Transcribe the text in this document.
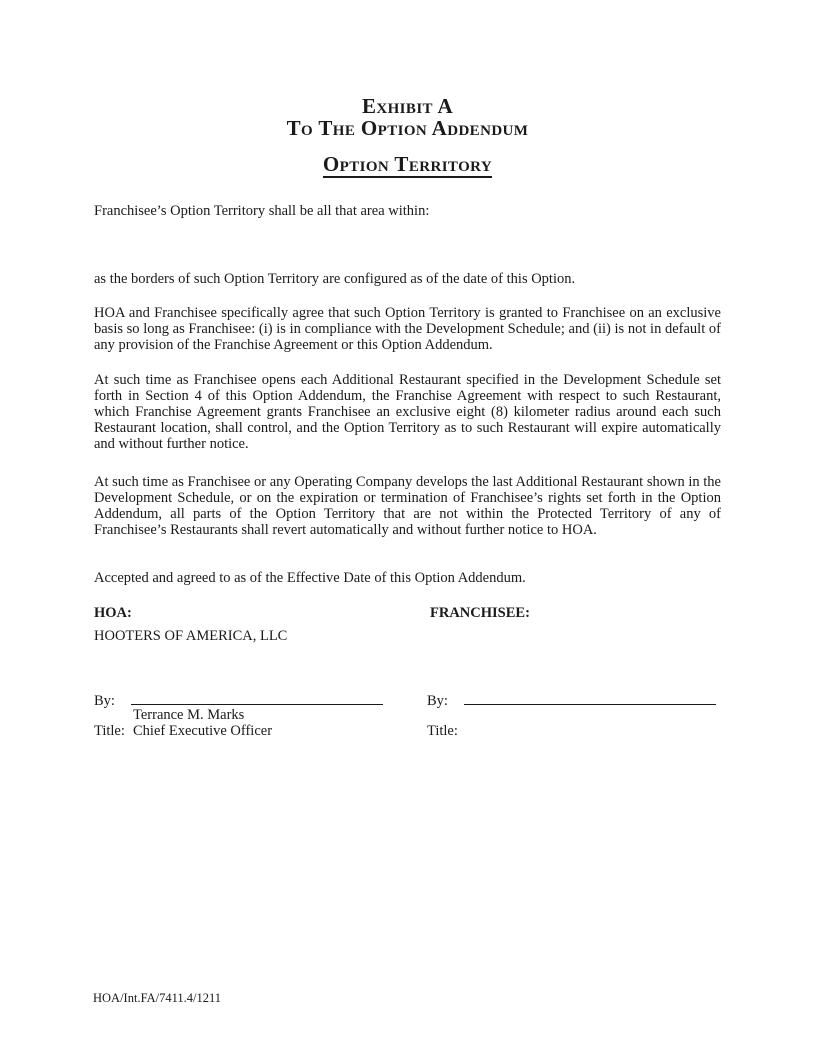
Exhibit A
To The Option Addendum
Option Territory

Franchisee’s Option Territory shall be all that area within:

as the borders of such Option Territory are configured as of the date of this Option.

HOA and Franchisee specifically agree that such Option Territory is granted to Franchisee on an exclusive basis so long as Franchisee: (i) is in compliance with the Development Schedule; and (ii) is not in default of any provision of the Franchise Agreement or this Option Addendum.

At such time as Franchisee opens each Additional Restaurant specified in the Development Schedule set forth in Section 4 of this Option Addendum, the Franchise Agreement with respect to such Restaurant, which Franchise Agreement grants Franchisee an exclusive eight (8) kilometer radius around each such Restaurant location, shall control, and the Option Territory as to such Restaurant will expire automatically and without further notice.

At such time as Franchisee or any Operating Company develops the last Additional Restaurant shown in the Development Schedule, or on the expiration or termination of Franchisee’s rights set forth in the Option Addendum, all parts of the Option Territory that are not within the Protected Territory of any of Franchisee’s Restaurants shall revert automatically and without further notice to HOA.

Accepted and agreed to as of the Effective Date of this Option Addendum.

HOA:	FRANCHISEE:
HOOTERS OF AMERICA, LLC
By:	By:
Terrance M. Marks
Title: Chief Executive Officer	Title:
HOA/Int.FA/7411.4/1211
